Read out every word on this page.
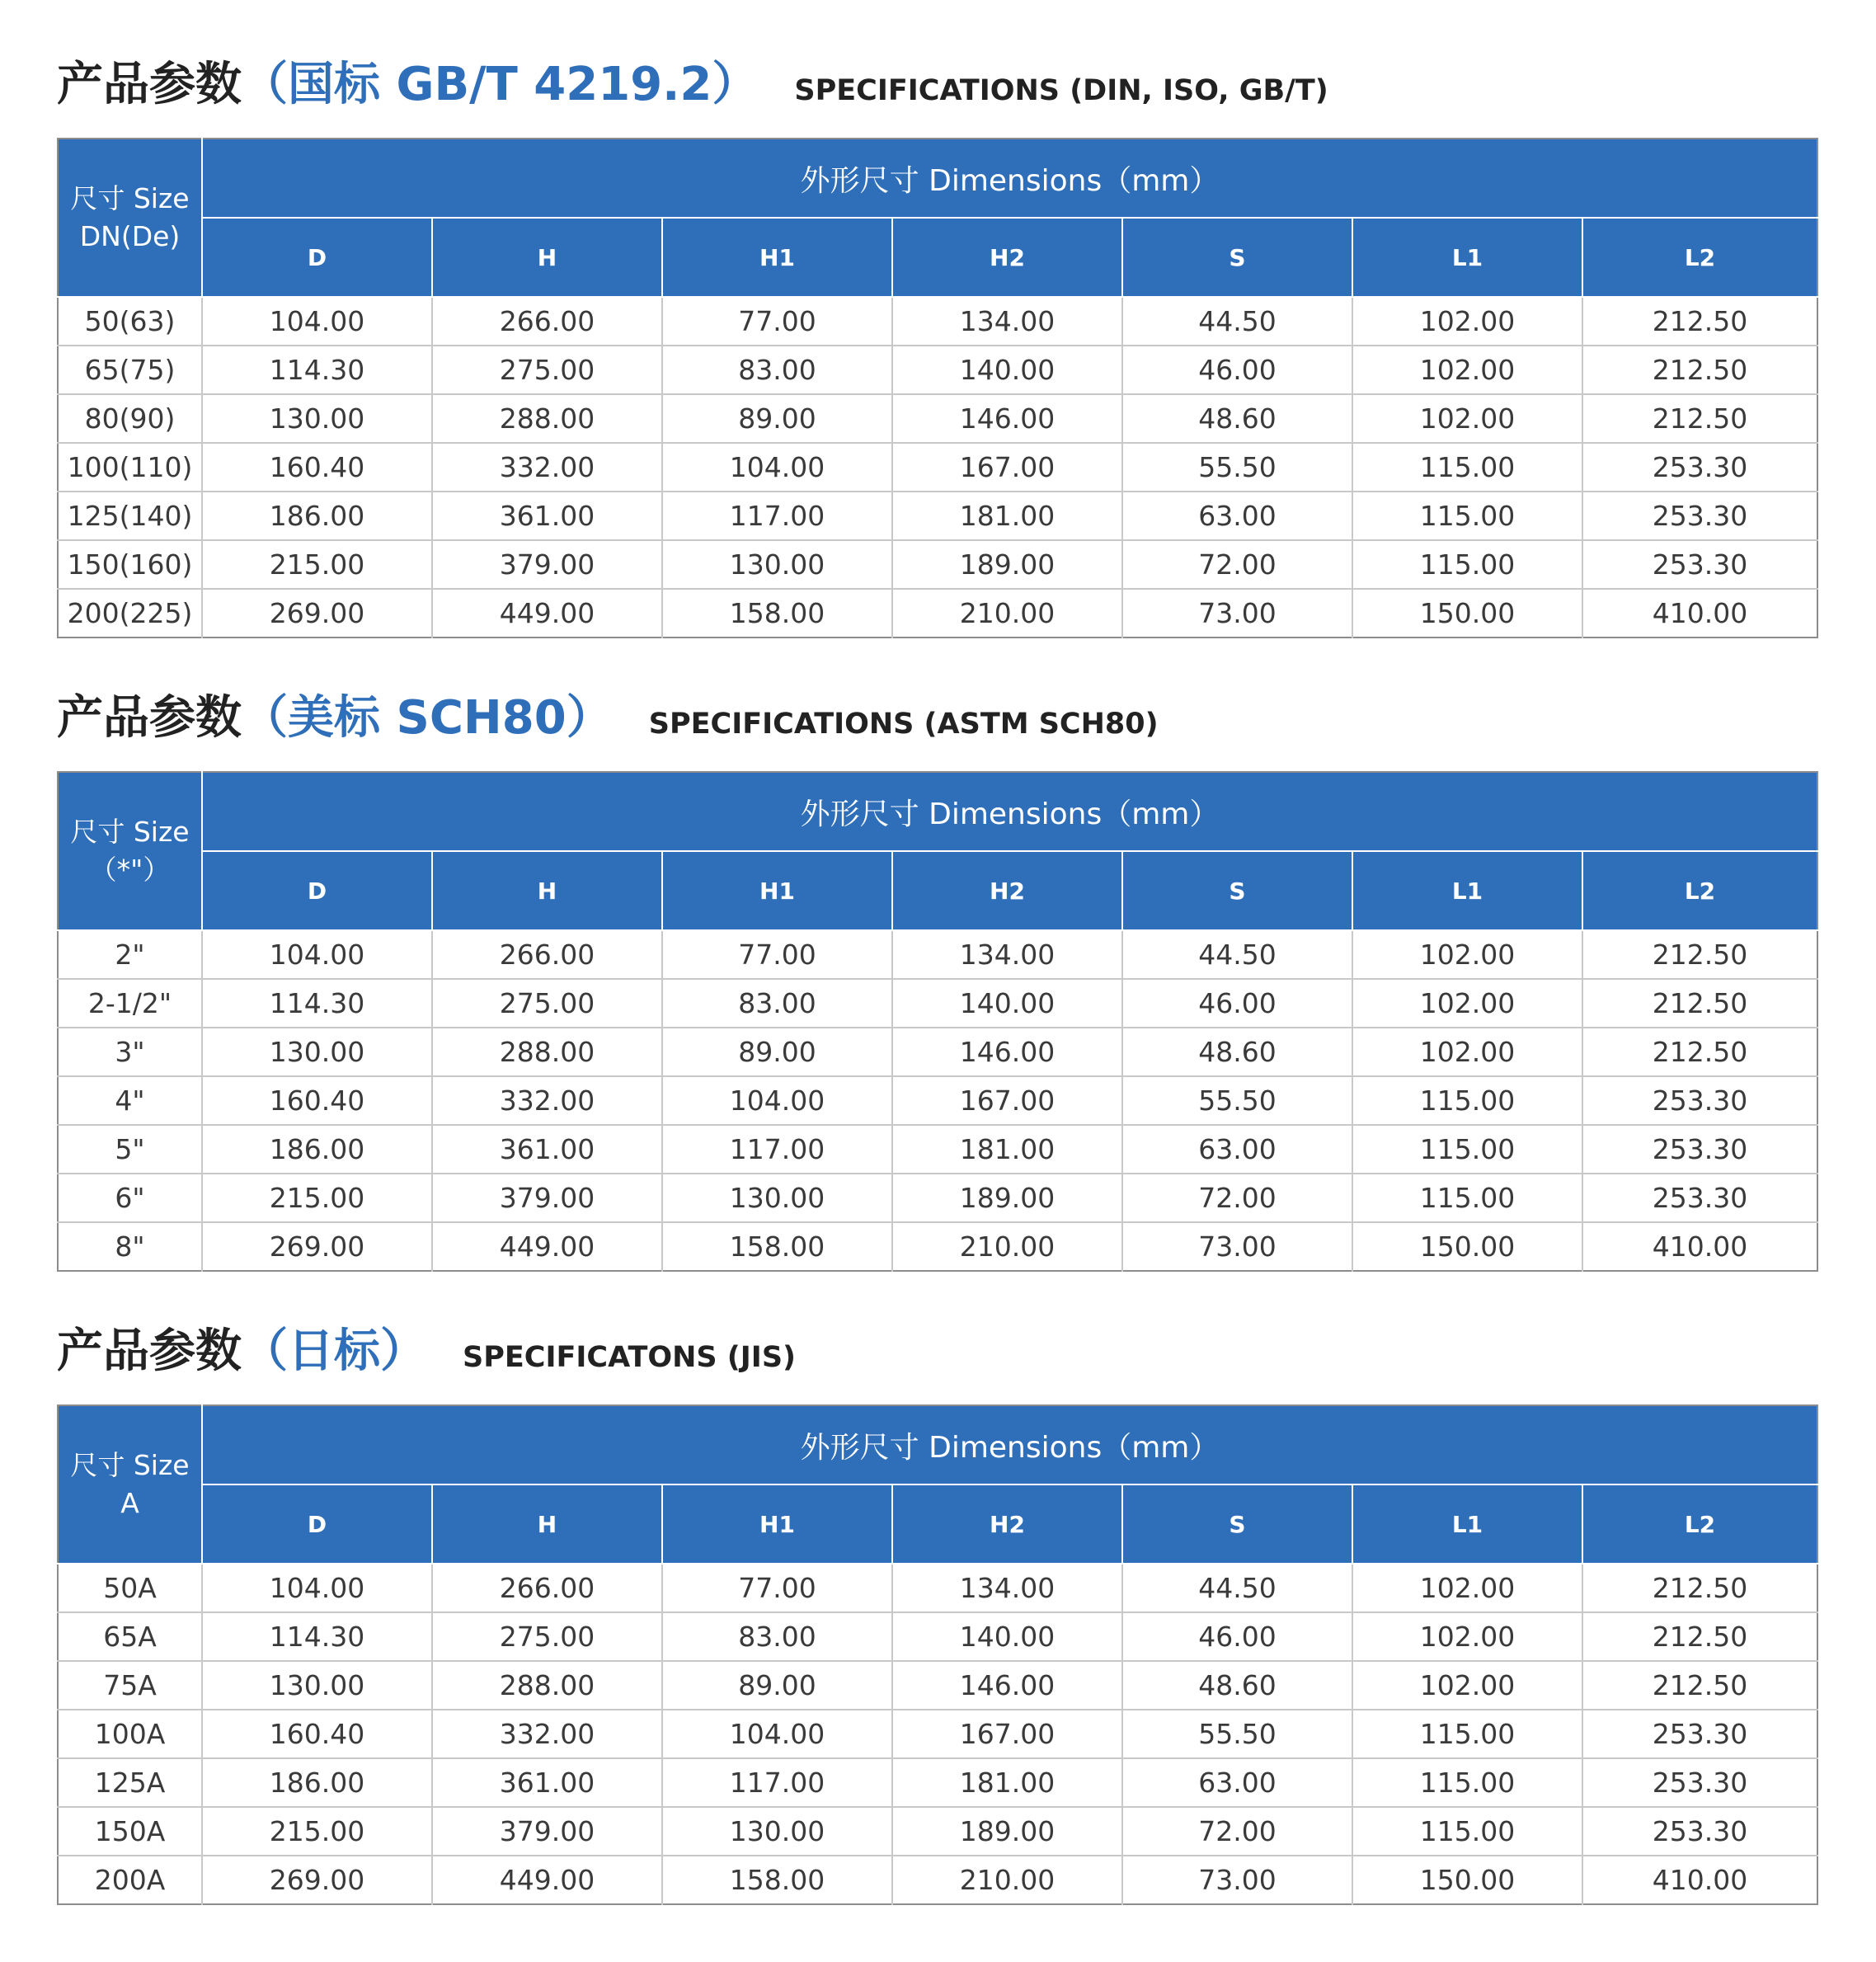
产品参数 （国标 GB/T 4219.2） SPECIFICATIONS (DIN, ISO, GB/T)
尺寸 Size
DN(De)	外形尺寸 Dimensions（mm）						
	D	H	H1	H2	S	L1	L2
50(63)	104.00	266.00	77.00	134.00	44.50	102.00	212.50
65(75)	114.30	275.00	83.00	140.00	46.00	102.00	212.50
80(90)	130.00	288.00	89.00	146.00	48.60	102.00	212.50
100(110)	160.40	332.00	104.00	167.00	55.50	115.00	253.30
125(140)	186.00	361.00	117.00	181.00	63.00	115.00	253.30
150(160)	215.00	379.00	130.00	189.00	72.00	115.00	253.30
200(225)	269.00	449.00	158.00	210.00	73.00	150.00	410.00
产品参数 （美标 SCH80） SPECIFICATIONS (ASTM SCH80)
尺寸 Size
（*"）	外形尺寸 Dimensions（mm）						
	D	H	H1	H2	S	L1	L2
2"	104.00	266.00	77.00	134.00	44.50	102.00	212.50
2-1/2"	114.30	275.00	83.00	140.00	46.00	102.00	212.50
3"	130.00	288.00	89.00	146.00	48.60	102.00	212.50
4"	160.40	332.00	104.00	167.00	55.50	115.00	253.30
5"	186.00	361.00	117.00	181.00	63.00	115.00	253.30
6"	215.00	379.00	130.00	189.00	72.00	115.00	253.30
8"	269.00	449.00	158.00	210.00	73.00	150.00	410.00
产品参数 （日标） SPECIFICATONS (JIS)
尺寸 Size
A	外形尺寸 Dimensions（mm）						
	D	H	H1	H2	S	L1	L2
50A	104.00	266.00	77.00	134.00	44.50	102.00	212.50
65A	114.30	275.00	83.00	140.00	46.00	102.00	212.50
75A	130.00	288.00	89.00	146.00	48.60	102.00	212.50
100A	160.40	332.00	104.00	167.00	55.50	115.00	253.30
125A	186.00	361.00	117.00	181.00	63.00	115.00	253.30
150A	215.00	379.00	130.00	189.00	72.00	115.00	253.30
200A	269.00	449.00	158.00	210.00	73.00	150.00	410.00
